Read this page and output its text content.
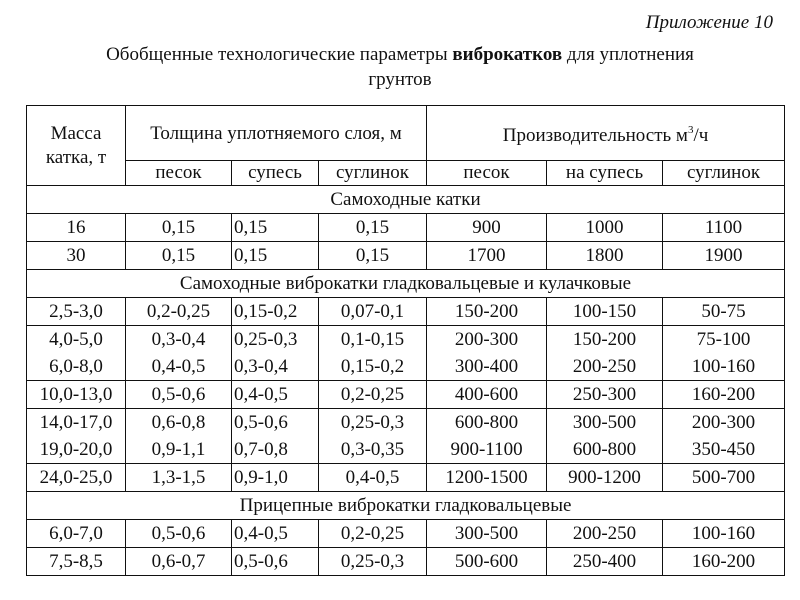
Приложение 10
Обобщенные технологические параметры виброкатков для уплотнения
грунтов
Масса
катка, т	Толщина уплотняемого слоя, м			Производительность $м^3/ч$		
	песок	супесь	суглинок	песок	на супесь	суглинок
Самоходные катки						
16	0,15	0,15	0,15	900	1000	1100
30	0,15	0,15	0,15	1700	1800	1900
Самоходные виброкатки гладковальцевые и кулачковые						
2,5-3,0	0,2-0,25	0,15-0,2	0,07-0,1	150-200	100-150	50-75
4,0-5,0	0,3-0,4	0,25-0,3	0,1-0,15	200-300	150-200	75-100
6,0-8,0	0,4-0,5	0,3-0,4	0,15-0,2	300-400	200-250	100-160
10,0-13,0	0,5-0,6	0,4-0,5	0,2-0,25	400-600	250-300	160-200
14,0-17,0	0,6-0,8	0,5-0,6	0,25-0,3	600-800	300-500	200-300
19,0-20,0	0,9-1,1	0,7-0,8	0,3-0,35	900-1100	600-800	350-450
24,0-25,0	1,3-1,5	0,9-1,0	0,4-0,5	1200-1500	900-1200	500-700
Прицепные виброкатки гладковальцевые						
6,0-7,0	0,5-0,6	0,4-0,5	0,2-0,25	300-500	200-250	100-160
7,5-8,5	0,6-0,7	0,5-0,6	0,25-0,3	500-600	250-400	160-200
